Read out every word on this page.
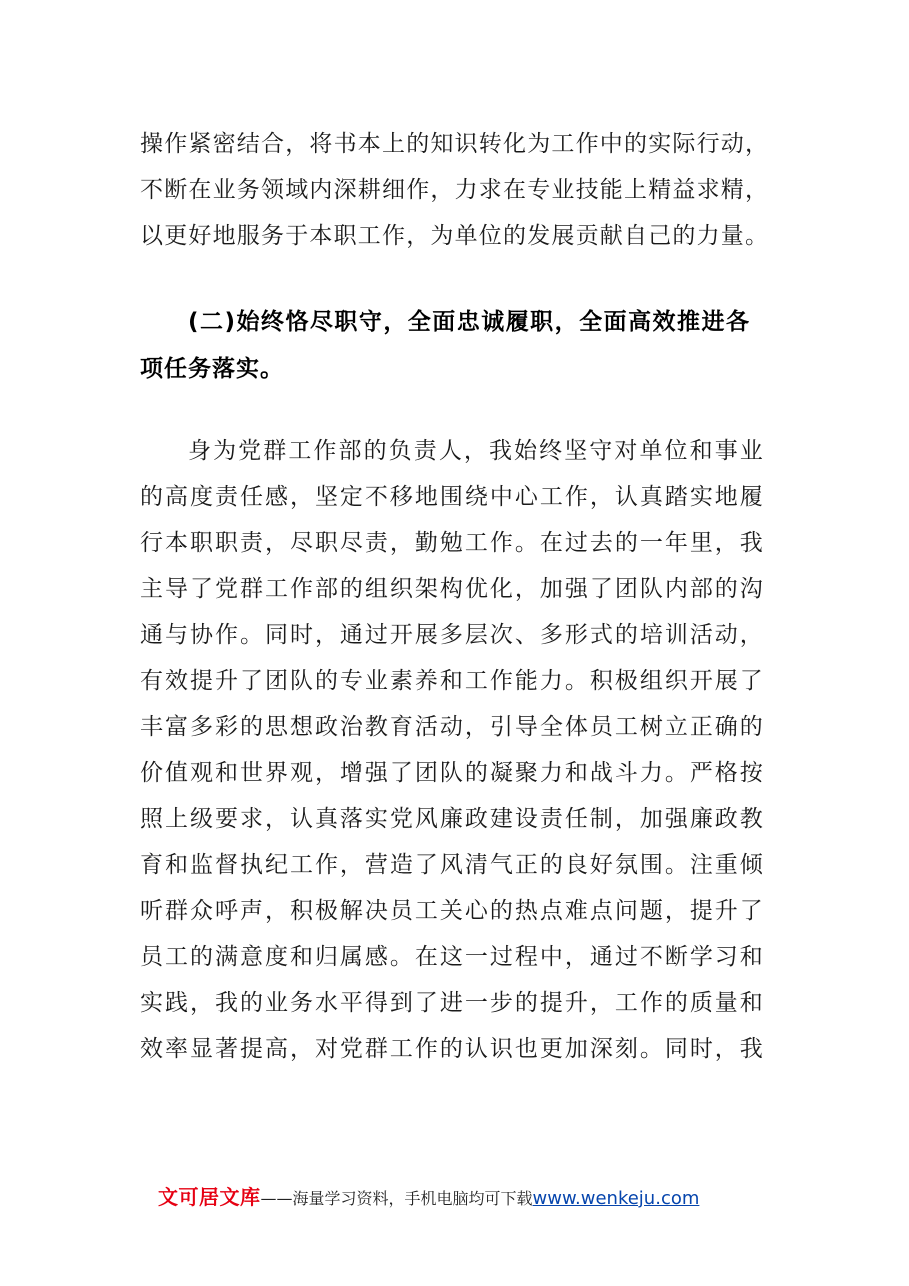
操作紧密结合，将书本上的知识转化为工作中的实际行动，
不断在业务领域内深耕细作，力求在专业技能上精益求精，
以更好地服务于本职工作，为单位的发展贡献自己的力量。
(二)始终恪尽职守，全面忠诚履职，全面高效推进各
项任务落实。
身为党群工作部的负责人，我始终坚守对单位和事业
的高度责任感，坚定不移地围绕中心工作，认真踏实地履
行本职职责，尽职尽责，勤勉工作。在过去的一年里，我
主导了党群工作部的组织架构优化，加强了团队内部的沟
通与协作。同时，通过开展多层次、多形式的培训活动，
有效提升了团队的专业素养和工作能力。积极组织开展了
丰富多彩的思想政治教育活动，引导全体员工树立正确的
价值观和世界观，增强了团队的凝聚力和战斗力。严格按
照上级要求，认真落实党风廉政建设责任制，加强廉政教
育和监督执纪工作，营造了风清气正的良好氛围。注重倾
听群众呼声，积极解决员工关心的热点难点问题，提升了
员工的满意度和归属感。在这一过程中，通过不断学习和
实践，我的业务水平得到了进一步的提升，工作的质量和
效率显著提高，对党群工作的认识也更加深刻。同时，我
文可居文库——海量学习资料，手机电脑均可下载www.wenkeju.com
